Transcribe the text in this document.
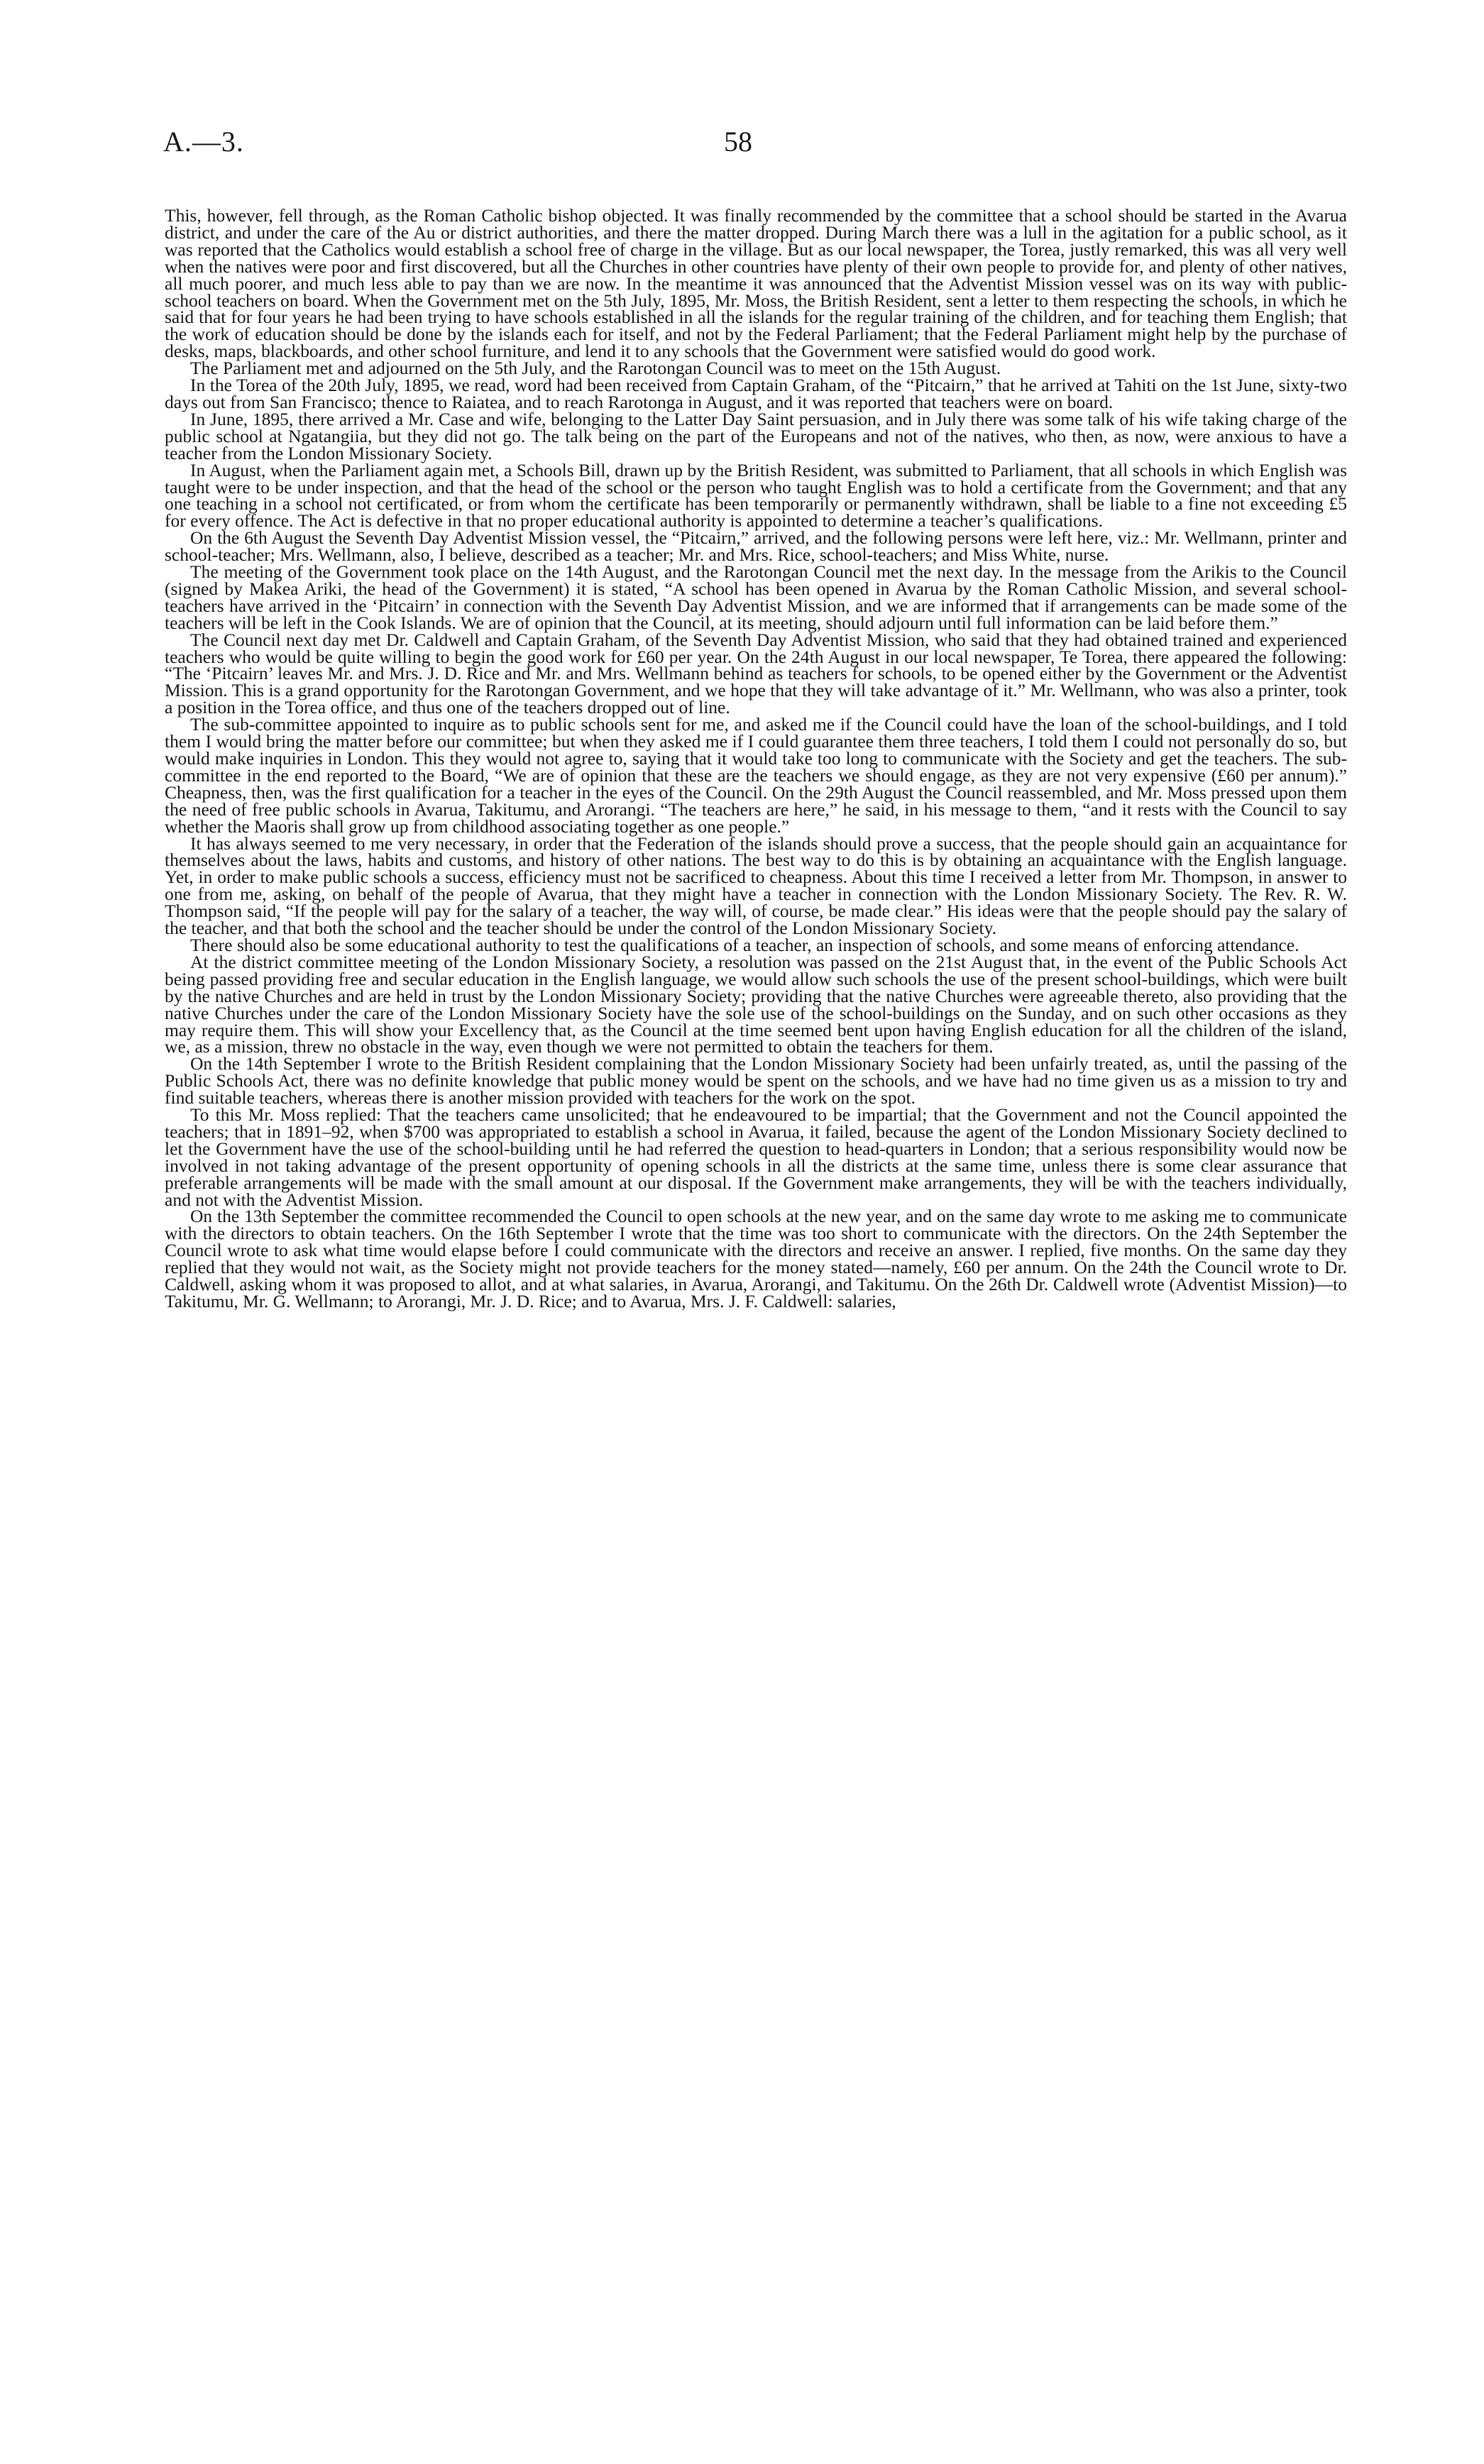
A.—3.	58

This, however, fell through, as the Roman Catholic bishop objected. It was finally recommended by the committee that a school should be started in the Avarua district, and under the care of the Au or district authorities, and there the matter dropped. During March there was a lull in the agitation for a public school, as it was reported that the Catholics would establish a school free of charge in the village. But as our local newspaper, the Torea, justly remarked, this was all very well when the natives were poor and first discovered, but all the Churches in other countries have plenty of their own people to provide for, and plenty of other natives, all much poorer, and much less able to pay than we are now. In the meantime it was announced that the Adventist Mission vessel was on its way with public-school teachers on board. When the Government met on the 5th July, 1895, Mr. Moss, the British Resident, sent a letter to them respecting the schools, in which he said that for four years he had been trying to have schools established in all the islands for the regular training of the children, and for teaching them English; that the work of education should be done by the islands each for itself, and not by the Federal Parliament; that the Federal Parliament might help by the purchase of desks, maps, blackboards, and other school furniture, and lend it to any schools that the Government were satisfied would do good work.

The Parliament met and adjourned on the 5th July, and the Rarotongan Council was to meet on the 15th August.

In the Torea of the 20th July, 1895, we read, word had been received from Captain Graham, of the “Pitcairn,” that he arrived at Tahiti on the 1st June, sixty-two days out from San Francisco; thence to Raiatea, and to reach Rarotonga in August, and it was reported that teachers were on board.

In June, 1895, there arrived a Mr. Case and wife, belonging to the Latter Day Saint persuasion, and in July there was some talk of his wife taking charge of the public school at Ngatangiia, but they did not go. The talk being on the part of the Europeans and not of the natives, who then, as now, were anxious to have a teacher from the London Missionary Society.

In August, when the Parliament again met, a Schools Bill, drawn up by the British Resident, was submitted to Parliament, that all schools in which English was taught were to be under inspection, and that the head of the school or the person who taught English was to hold a certificate from the Government; and that any one teaching in a school not certificated, or from whom the certificate has been temporarily or permanently withdrawn, shall be liable to a fine not exceeding £5 for every offence. The Act is defective in that no proper educational authority is appointed to determine a teacher’s qualifications.

On the 6th August the Seventh Day Adventist Mission vessel, the “Pitcairn,” arrived, and the following persons were left here, viz.: Mr. Wellmann, printer and school-teacher; Mrs. Wellmann, also, I believe, described as a teacher; Mr. and Mrs. Rice, school-teachers; and Miss White, nurse.

The meeting of the Government took place on the 14th August, and the Rarotongan Council met the next day. In the message from the Arikis to the Council (signed by Makea Ariki, the head of the Government) it is stated, “A school has been opened in Avarua by the Roman Catholic Mission, and several school-teachers have arrived in the ‘Pitcairn’ in connection with the Seventh Day Adventist Mission, and we are informed that if arrangements can be made some of the teachers will be left in the Cook Islands. We are of opinion that the Council, at its meeting, should adjourn until full information can be laid before them.”

The Council next day met Dr. Caldwell and Captain Graham, of the Seventh Day Adventist Mission, who said that they had obtained trained and experienced teachers who would be quite willing to begin the good work for £60 per year. On the 24th August in our local newspaper, Te Torea, there appeared the following: “The ‘Pitcairn’ leaves Mr. and Mrs. J. D. Rice and Mr. and Mrs. Wellmann behind as teachers for schools, to be opened either by the Government or the Adventist Mission. This is a grand opportunity for the Rarotongan Government, and we hope that they will take advantage of it.” Mr. Wellmann, who was also a printer, took a position in the Torea office, and thus one of the teachers dropped out of line.

The sub-committee appointed to inquire as to public schools sent for me, and asked me if the Council could have the loan of the school-buildings, and I told them I would bring the matter before our committee; but when they asked me if I could guarantee them three teachers, I told them I could not personally do so, but would make inquiries in London. This they would not agree to, saying that it would take too long to communicate with the Society and get the teachers. The sub-committee in the end reported to the Board, “We are of opinion that these are the teachers we should engage, as they are not very expensive (£60 per annum).” Cheapness, then, was the first qualification for a teacher in the eyes of the Council. On the 29th August the Council reassembled, and Mr. Moss pressed upon them the need of free public schools in Avarua, Takitumu, and Arorangi. “The teachers are here,” he said, in his message to them, “and it rests with the Council to say whether the Maoris shall grow up from childhood associating together as one people.”

It has always seemed to me very necessary, in order that the Federation of the islands should prove a success, that the people should gain an acquaintance for themselves about the laws, habits and customs, and history of other nations. The best way to do this is by obtaining an acquaintance with the English language. Yet, in order to make public schools a success, efficiency must not be sacrificed to cheapness. About this time I received a letter from Mr. Thompson, in answer to one from me, asking, on behalf of the people of Avarua, that they might have a teacher in connection with the London Missionary Society. The Rev. R. W. Thompson said, “If the people will pay for the salary of a teacher, the way will, of course, be made clear.” His ideas were that the people should pay the salary of the teacher, and that both the school and the teacher should be under the control of the London Missionary Society.

There should also be some educational authority to test the qualifications of a teacher, an inspection of schools, and some means of enforcing attendance.

At the district committee meeting of the London Missionary Society, a resolution was passed on the 21st August that, in the event of the Public Schools Act being passed providing free and secular education in the English language, we would allow such schools the use of the present school-buildings, which were built by the native Churches and are held in trust by the London Missionary Society; providing that the native Churches were agreeable thereto, also providing that the native Churches under the care of the London Missionary Society have the sole use of the school-buildings on the Sunday, and on such other occasions as they may require them. This will show your Excellency that, as the Council at the time seemed bent upon having English education for all the children of the island, we, as a mission, threw no obstacle in the way, even though we were not permitted to obtain the teachers for them.

On the 14th September I wrote to the British Resident complaining that the London Missionary Society had been unfairly treated, as, until the passing of the Public Schools Act, there was no definite knowledge that public money would be spent on the schools, and we have had no time given us as a mission to try and find suitable teachers, whereas there is another mission provided with teachers for the work on the spot.

To this Mr. Moss replied: That the teachers came unsolicited; that he endeavoured to be impartial; that the Government and not the Council appointed the teachers; that in 1891–92, when $700 was appropriated to establish a school in Avarua, it failed, because the agent of the London Missionary Society declined to let the Government have the use of the school-building until he had referred the question to head-quarters in London; that a serious responsibility would now be involved in not taking advantage of the present opportunity of opening schools in all the districts at the same time, unless there is some clear assurance that preferable arrangements will be made with the small amount at our disposal. If the Government make arrangements, they will be with the teachers individually, and not with the Adventist Mission.

On the 13th September the committee recommended the Council to open schools at the new year, and on the same day wrote to me asking me to communicate with the directors to obtain teachers. On the 16th September I wrote that the time was too short to communicate with the directors. On the 24th September the Council wrote to ask what time would elapse before I could communicate with the directors and receive an answer. I replied, five months. On the same day they replied that they would not wait, as the Society might not provide teachers for the money stated—namely, £60 per annum. On the 24th the Council wrote to Dr. Caldwell, asking whom it was proposed to allot, and at what salaries, in Avarua, Arorangi, and Takitumu. On the 26th Dr. Caldwell wrote (Adventist Mission)—to Takitumu, Mr. G. Wellmann; to Arorangi, Mr. J. D. Rice; and to Avarua, Mrs. J. F. Caldwell: salaries,
